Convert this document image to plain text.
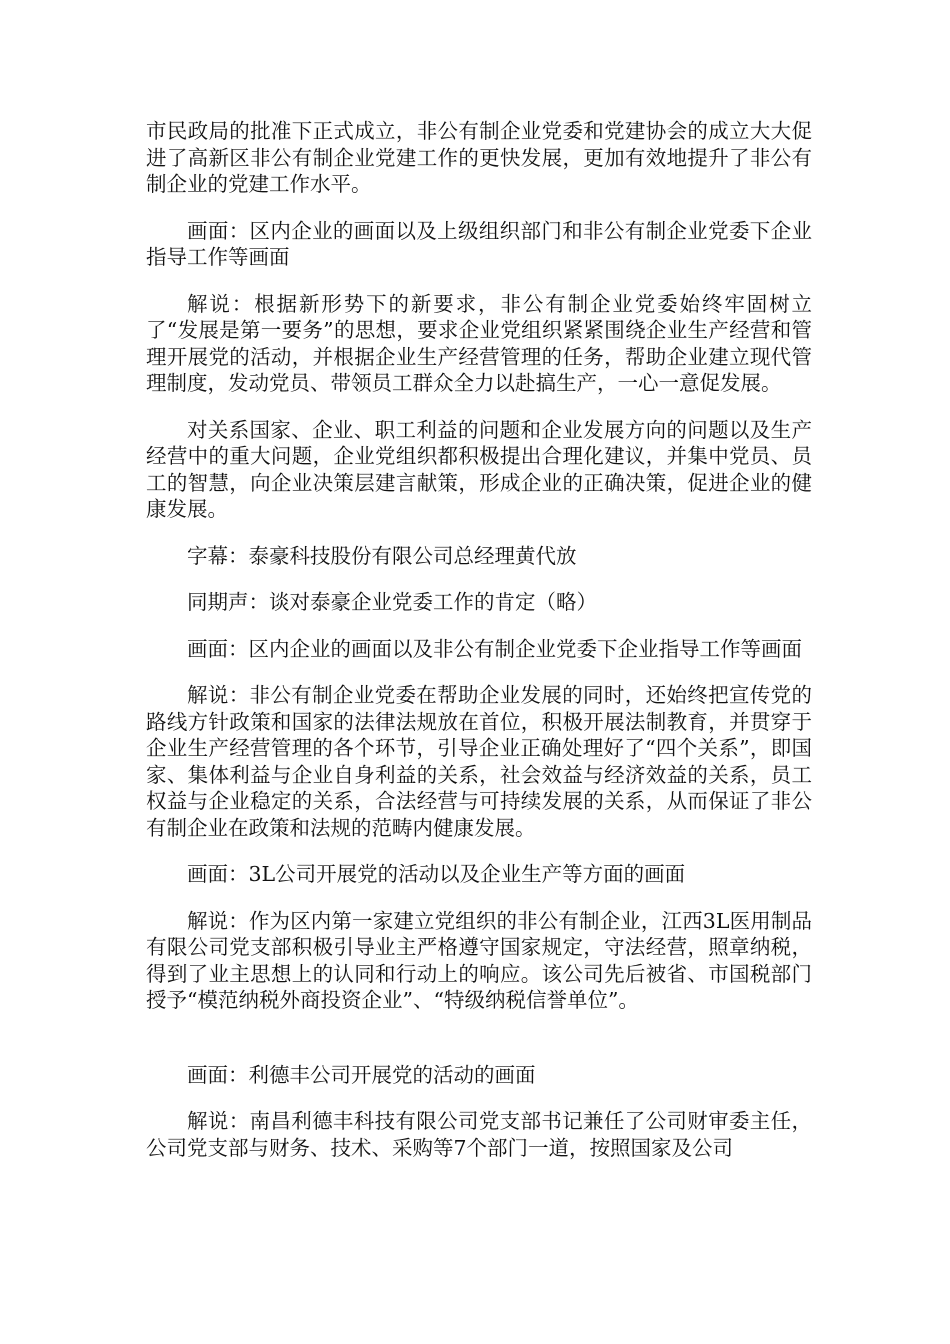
市民政局的批准下正式成立，非公有制企业党委和党建协会的成立大大促进了高新区非公有制企业党建工作的更快发展，更加有效地提升了非公有制企业的党建工作水平。

画面：区内企业的画面以及上级组织部门和非公有制企业党委下企业指导工作等画面

解说：根据新形势下的新要求，非公有制企业党委始终牢固树立了“发展是第一要务”的思想，要求企业党组织紧紧围绕企业生产经营和管理开展党的活动，并根据企业生产经营管理的任务，帮助企业建立现代管理制度，发动党员、带领员工群众全力以赴搞生产，一心一意促发展。

对关系国家、企业、职工利益的问题和企业发展方向的问题以及生产经营中的重大问题，企业党组织都积极提出合理化建议，并集中党员、员工的智慧，向企业决策层建言献策，形成企业的正确决策，促进企业的健康发展。

字幕：泰豪科技股份有限公司总经理黄代放

同期声：谈对泰豪企业党委工作的肯定（略）

画面：区内企业的画面以及非公有制企业党委下企业指导工作等画面

解说：非公有制企业党委在帮助企业发展的同时，还始终把宣传党的路线方针政策和国家的法律法规放在首位，积极开展法制教育，并贯穿于企业生产经营管理的各个环节，引导企业正确处理好了“四个关系”，即国家、集体利益与企业自身利益的关系，社会效益与经济效益的关系，员工权益与企业稳定的关系，合法经营与可持续发展的关系，从而保证了非公有制企业在政策和法规的范畴内健康发展。

画面：3L公司开展党的活动以及企业生产等方面的画面

解说：作为区内第一家建立党组织的非公有制企业，江西3L医用制品有限公司党支部积极引导业主严格遵守国家规定，守法经营，照章纳税，得到了业主思想上的认同和行动上的响应。该公司先后被省、市国税部门授予“模范纳税外商投资企业”、“特级纳税信誉单位”。

画面：利德丰公司开展党的活动的画面

解说：南昌利德丰科技有限公司党支部书记兼任了公司财审委主任，公司党支部与财务、技术、采购等7个部门一道，按照国家及公司
